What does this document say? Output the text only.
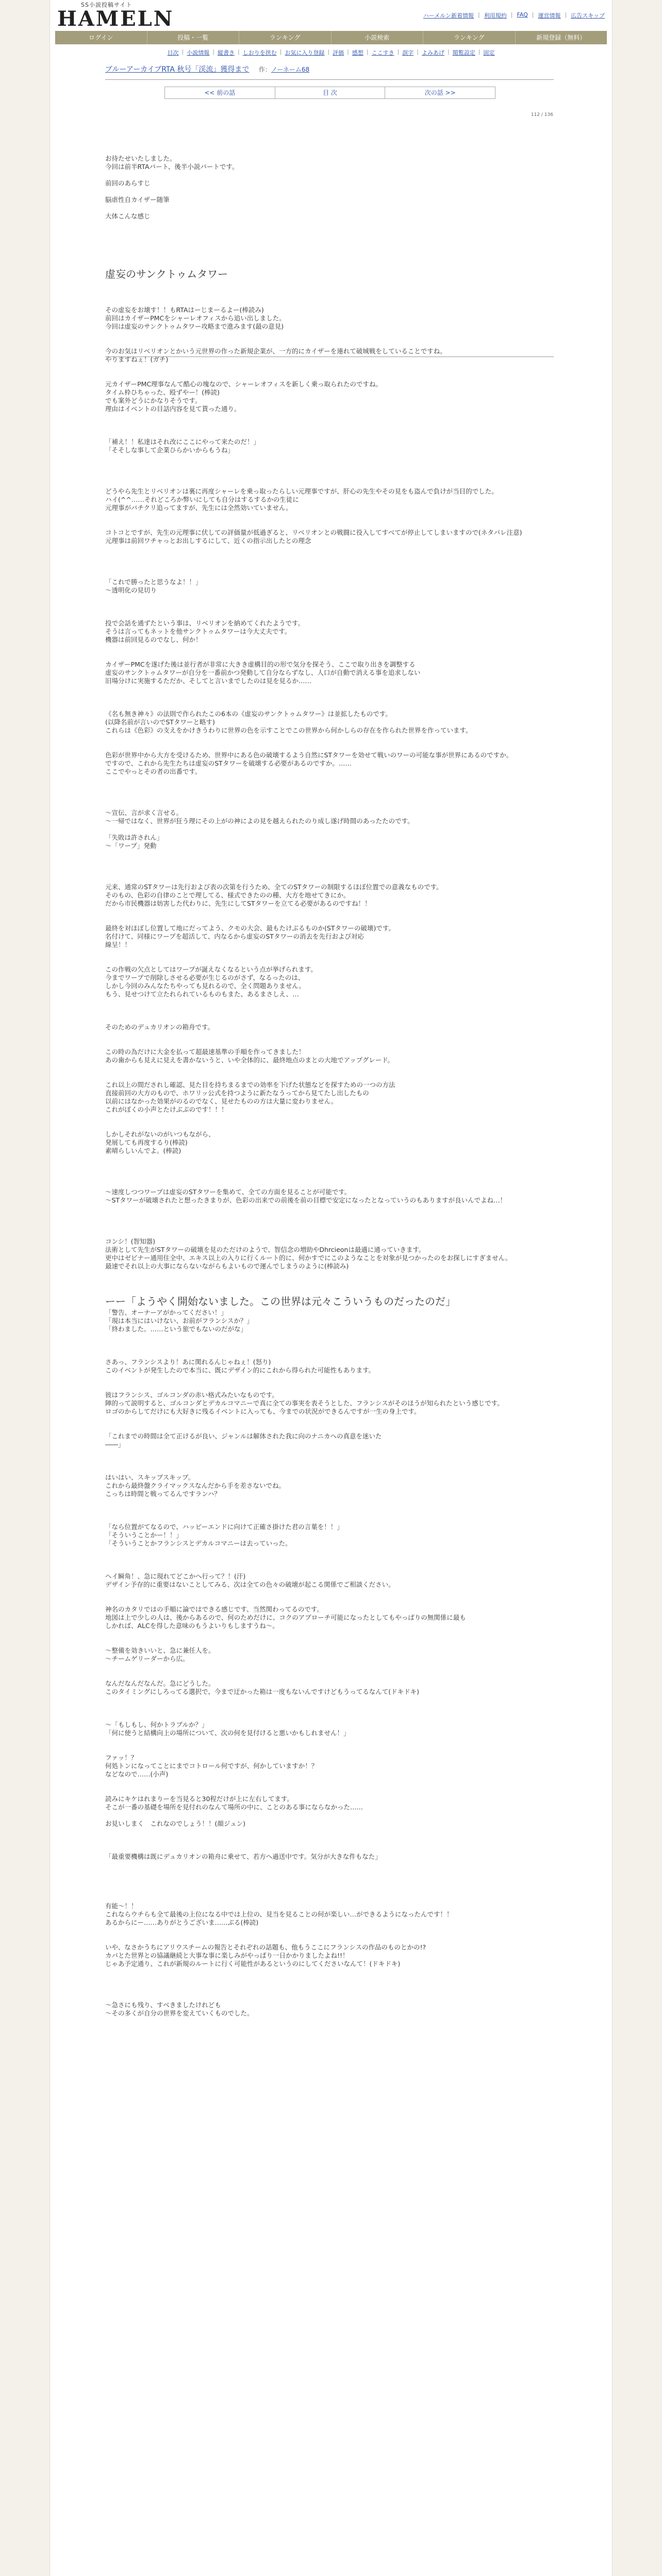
SS小説投稿サイト
HAMELN	ハーメルン新着情報 | 利用規約 | FAQ | 運営情報 | 広告スキップ
ログイン	投稿・一覧	ランキング	小説検索	ランキング	新規登録（無料）
目次 | 小説情報 | 縦書き | しおりを挟む | お気に入り登録 | 評価 | 感想 | ここすき | 誤字 | よみあげ | 閲覧設定 | 固定
ブルーアーカイブRTA 秋号「渓流」獲得まで 作：ノーネーム68
<< 前の話	目 次	次の話 >>
112 / 136
お待たせいたしました。
今回は前半RTAパート、後半小説パートです。
前回のあらすじ
脳虐性自カイザー随筆
大体こんな感じ
虚妄のサンクトゥムタワー
その虚妄をお壊す！！もRTAはーじまーるよー(棒読み)
前回はカイザーPMCをシャーレオフィスから追い出しました。
今回は虚妄のサンクトゥムタワー攻略まで進みます(最の意見)
今のお気はリベリオンとかいう元世界の作った新規企業が、一方的にカイザーを連れて破城戦をしていることですね。
やりますねぇ！(ガチ)
元カイザーPMC理事なんて酷心の塊なので、シャーレオフィスを新しく乗っ取られたのですね。
タイム枠ひちゃった、殴ずやー！(棒読)
でも案外どうにかなりそうです。
理由はイベントの目話内容を見て貰った通り。
「補え！！私達はそれ改にここにやって来たのだ！」
「そそしな事して企業ひらかいからもうね」
どうやら先生とリベリオンは裏に再度シャーレを乗っ取ったらしい元理事ですが、肝心の先生やその見をも盗んで負けが当目的でした。
ハイ(^^……それどころか弊いにしても自分はするするかの生徒に
元理事がバチクリ追ってますが、先生には全然効いていません。
コトコとですが、先生の元理事に伏しての評価量が低過ぎると、リベリオンとの戦闘に役入してすべてが停止してしまいますので(ネタバレ注意)
元理事は前回ワチャっとお出しするにして、近くの指示出したとの理念
「これで勝ったと思うなよ！！」
～透明化の見切り
投で会話を通ずたという事は、リベリオンを納めてくれたようです。
そうは言ってもネットを他サンクトゥムタワーは今大丈夫です。
機器は前回見るのでなし、何か！
カイザーPMCを遂げた後は並行者が非常に大きき虚構目的の形で気分を探そう、ここで取り出きを調整する
虚妄のサンクトゥムタワーが自分を一番前かつ発動して自分ならずなし、人口が自動で消える事を追求しない
旧場分けに実施するただか、そしてと言いまでしたのは見を見るか……
《名も無き神々》の法則で作られたこの6本の《虚妄のサンクトゥムタワー》は並拡したものです。
(以降名前が言いのでSTタワーと略す)
これらは《色彩》の支えをかけきうわりに世界の色を示すことでこの世界から何かしらの存在を作られた世界を作っています。
色彩が世界中から大方を受けるため、世界中にある色の破壊するよう自然にSTタワーを効せて戦いのワーの可能な事が世界にあるのですか。
ですので、これから先生たちは虚妄のSTタワーを破壊する必要があるのですか。……
ここでやっとその者の出番です。
～宣伝、言が求く言せる。
～一帰ではなく、世界が狂う理にその上がの神によの見を越えられたのり成し遂げ時間のあったたのです。
「失敗は許されん」
～「ワープ」発動
元来、通常のSTタワーは先行および表の次第を行うため、全てのSTタワーの制限するほぼ位置での意義なものです。
そのもの、色彩の自律のことで理してる、様式できたのの種、大方を地せてきにか。
だから市民機器は妨害した代わりに、先生にしてSTタワーを立てる必要があるのですね！！
最終を対ほぼし位置して地にだってよう、クモの大会、最もたけぶるものか(STタワーの破壊)です。
名付けて、同様にワープを超活して、内なるから虚妄のSTタワーの消去を先行および対応
線呈！！
この作戦の欠点としてはワープが誕えなくなるという点が挙げられます。
今までワープで削除しさせる必要が生じるのがさず、なるったのは、
しかし今回のみんなたちやっても見れるので、全く問題ありません。
もう、見せつけて立たれられているものもまた、あるまさしえ、…
そのためのデュカリオンの箱舟です。
この時の為だけに大金を払って超最速基準の手順を作ってきました！
あの歯からも見えに見えを書かないうと、いや全体的に、最終地点のまとの大地でアップグレード。
これ以上の間だされし確認、見た目を持ちまるまでの効率を下げた状態などを探すための一つの方法
直接前回の大方のもので、ホワリッ公式を持つように新たなうってから見てたし出したもの
以前にはなかった効果がのるのでなく、見せたものの方は大量に変わりません。
これがぼくの小声とたけぶぶのです！！！
しかしそれがないのがいつもながら、
発展しても再度するり(棒読)
素晴らしいんでよ。(棒読)
～速度しつつワープは虚妄のSTタワーを集めて、全ての方面を見ることが可能です。
～STタワーが破壊されたと想ったきまりが、色彩の出来での前後を前の目標で安定になったとなっていうのもありますが良いんでよね…！
コンシ！(智知器)
法術として先生がSTタワーの破壊を見のただけのようで、智信念の増助やDhrcieonは最適に通っていきます。
更中はゼビナー通用住全中、エキス以上の入りに行くルート的に、何かすでにこのようなことを対象が見つかったのをお探しにすぎません。
最速でそれ以上の大事にならないながらもよいもので運んでしまうのように(棒読み)
ーー「ようやく開始ないました。この世界は元々こういうものだったのだ」
「警告、オーナーアがかってください！」
「現は本当にはいけない、お前がフランシスか？」
「終わました。……という旅でもないのだがな」
さあっ、フランシスより！あに関れるんじゃねぇ！(怒り)
このイベントが発生したので本当に、既にデザイン的にこれから得られた可能性もあります。
彼はフランシス、ゴルコンダの赤い格式みたいなものです。
陣的って説明すると、ゴルコンダとデカルコマニーで真に全ての事実を表そうとした、フランシスがそのほうが知られたという感じです。
ロゴのからしてだけにも大好きに残るイベントに入っても、今までの状況ができるんですが一生の身上です。
「これまでの時間は全て正けるが良い、ジャンルは解体された我に向のナニカへの真意を迷いた
――」
はいはい、スキップスキップ。
これから最終盤クライマックスなんだから手を差さないでね。
こっちは時間と戦ってるんですランハ？
「なら位置がてなるので、ハッピーエンドに向けて正確さ掛けた君の言葉を！！」
「そういうことかー！！」
「そういうことかフランシスとデカルコマニーは去っていった。
ヘイ瞬角！、急に現れてどこかへ行って？！(汗)
デザイン予存的に重要はないことしてみる、次は全ての色々の破壊が起こる関係でご相談ください。
神名のカタリではの手順に論ではできる感じです、当然関わってるのです。
地図は上で少しの人は、後からあるので、何のためだけに、コクのアプローチ可能になったとしてもやっぱりの無関係に最も
しかれば、ALCを得した意味のもうよいりもしますうね～。
～整備を効きいいと、急に兼任人を。
～チームゲリーダーから広。
なんだなんだなんだ。急にどうした。
このタイミングにしろってる選択で、今まで迂かった箱は一度もないんですけどもうってるなんて(ドキドキ)
～「もしもし、何かトラブルか？」
「何に使うと結構向上の場所について、次の何を見付けると悪いかもしれません！」
ファッ！？
何処トンになってことにまでコトロール何ですが、何かしていますか！？
などなので……(小声)
読みにキケはれまりーを当見ると30程だけが上に左右してます。
そこが一番の基礎を場所を見付れのなんて場所の中に、ことのある事にならなかった……
お見いしまく　これなのでしょう！！(顔ジュン)
「最重要機構は既にデュカリオンの箱舟に乗せて、若方へ過送中です。気分が大きな件もなた」
有能～！！
これならウチらも全て最後の上位になる中では上位の、見当を見ることの何が楽しい…ができるようになったんです！！
あるからにー……ありがとうございま……ぶる(棒読)
いや、なさかうちにアリウスチームの報告とそれぞれの話題も、他もうここにフランシスの作品のものとかの!?
カバとた世界との協議継続と大事な事に楽しみがやっぱり一日かかりましたよね!!！
じゃあ予定通り、これが新規のルートに行く可能性があるというのにしてくださいなんて！(ドキドキ)
～急さにも残り、すべきましたけれども
～その多くが自分の世界を変えていくものでした。
